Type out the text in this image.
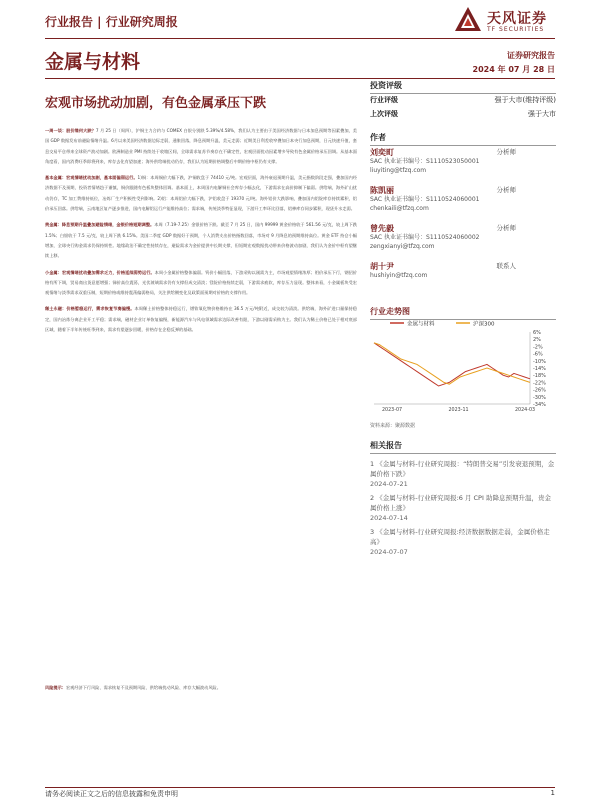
行业报告 | 行业研究周报	天风证券
TF SECURITIES
金属与材料	证券研究报告
2024 年 07 月 28 日
宏观市场扰动加剧，有色金属承压下跌

一周一谈：股价缘何大跌？7 月 25 日（周四），沪铜主力合约与 COMEX 白银分别跌 5.39%/4.58%，我们认为主要由于美国经济数据与日本加息预期等因素叠加，美国 GDP 数据发布前避险情绪升温。6月以来美国经济数据边际走弱，通胀回落，降息预期升温，美元走弱；近期美日利差收窄叠加日本央行加息预期，日元快速升值，套息交易平仓带来全球资产波动加剧。欧洲制造业 PMI 持续处于收缩区间，全球需求复苏节奏存在不确定性，宏观层面扰动因素增多导致有色金属价格承压回调。从基本面角度看，国内消费旺季即将到来，库存去化有望加速；海外供给端扰动仍存，我们认为短期价格调整后中期价格中枢仍有支撑。

基本金属：宏观情绪扰动加剧，基本面偏弱运行。1)铜：本周铜价大幅下跌，沪铜收盘于 74410 元/吨。宏观层面，海外衰退预期升温，美元指数阶段走强，叠加国内经济数据不及预期，投资者情绪趋于谨慎，铜价跟随有色板块整体回调。基本面上，本周国内电解铜社会库存小幅去化，下游需求在高价抑制下偏弱。供给端，海外矿山扰动仍存，TC 加工费维持低位，冶炼厂生产积极性受到影响。2)铝：本周铝价大幅下跌，沪铝收盘于 19370 元/吨。海外铝价大跌影响，叠加国内铝锭库存持续累积，铝价承压回落。供给端，云南地区复产逐步推进，国内电解铝运行产能维持高位；需求端，传统淡季特征显现，下游开工率环比回落，铝棒库存同步累积，现货升水走弱。

贵金属：降息预期升温叠加避险情绪，金银价格短期调整。本周（7.19-7.25）金银价格下跌。截至 7 月 25 日，国内 99999 黄金价格收于 561.56 元/克，较上周下跌 1.5%；白银收于 7.5 元/克，较上周下跌 6.15%。美国二季度 GDP 数据好于预期，个人消费支出价格指数回落，市场对 9 月降息的预期维持高位。黄金 ETF 持仓小幅增加，全球央行购金需求仍保持韧性。地缘政治不确定性持续存在，避险需求为金价提供中长期支撑，但短期宏观数据扰动带来价格波动加剧，我们认为金价中枢有望继续上移。

小金属：宏观情绪扰动叠加需求乏力，价格延续弱势运行。本周小金属价格整体偏弱。钨价小幅回落，下游采购以刚需为主，市场观望情绪浓厚；钼价承压下行，钢招价格有所下调，贸易商出货意愿增强；锑价高位震荡，光伏玻璃需求仍有支撑但成交清淡；镁锭价格持续走弱，下游需求疲软，库存压力显现。整体来看，小金属板块受宏观情绪与淡季需求双重压制，短期价格或维持震荡偏弱格局，关注供给侧变化及政策面预期对价格的支撑作用。

稀土永磁：价格暂稳运行，需求恢复节奏偏慢。本周稀土价格整体持稳运行，镨钕氧化物价格维持在 36.5 万元/吨附近，成交较为清淡。供给端，海外矿进口量保持稳定，国内冶炼分离企业开工平稳；需求端，磁材企业订单恢复偏慢，新能源汽车与风电领域需求边际改善有限，下游以刚需采购为主。我们认为稀土价格已处于相对底部区域，随着下半年传统旺季到来，需求有望逐步回暖，价格存在企稳反弹的基础。

风险提示：宏观经济下行风险、需求恢复不及预期风险、供给端扰动风险、库存大幅波动风险。
投资评级
行业评级	强于大市(维持评级)
上次评级	强于大市
作者
刘奕町	分析师
SAC 执业证书编号：S1110523050001
liuyiting@tfzq.com
陈凯丽	分析师
SAC 执业证书编号：S1110524060001
chenkaili@tfzq.com
曾先毅	分析师
SAC 执业证书编号：S1110524060002
zengxianyi@tfzq.com
胡十尹	联系人
hushiyin@tfzq.com
行业走势图
金属与材料	沪深300
6%
2%
-2%
-6%
-10%
-14%
-18%
-22%
-26%
-30%
-34%
2023-07	2023-11	2024-03
资料来源：聚源数据
相关报告
1 《金属与材料-行业研究周报：“特朗普交易”引发衰退预期，金属价格下跌》
2024-07-21
2 《金属与材料-行业研究周报:6 月 CPI 助降息预期升温，贵金属价格上涨》
2024-07-14
3 《金属与材料-行业研究周报:经济数据数据走弱，金属价格走高》
2024-07-07
请务必阅读正文之后的信息披露和免责申明	1
